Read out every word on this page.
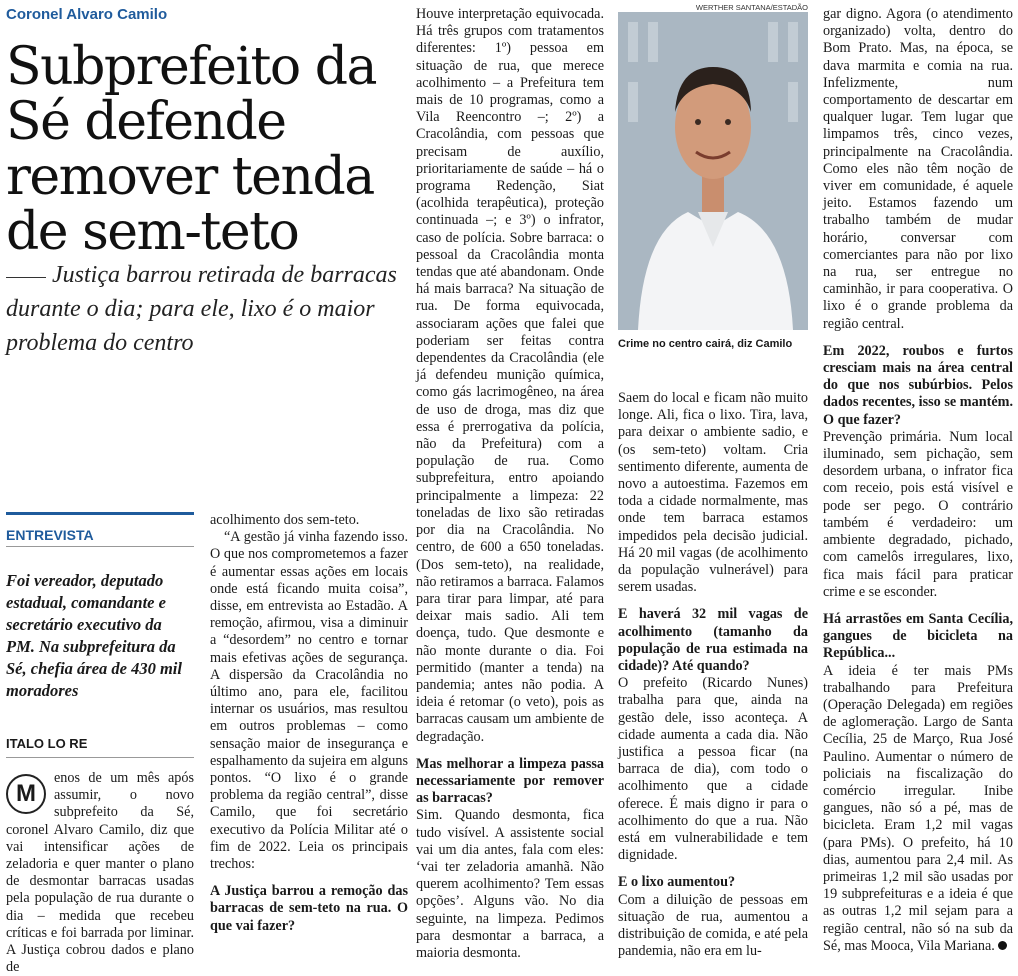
Coronel Alvaro Camilo
Subprefeito da Sé defende remover tenda de sem-teto
Justiça barrou retirada de barracas durante o dia; para ele, lixo é o maior problema do centro
ENTREVISTA
Foi vereador, deputado estadual, comandante e secretário executivo da PM. Na subprefeitura da Sé, chefia área de 430 mil moradores
ITALO LO RE
M

enos de um mês após assumir, o novo subprefeito da Sé, coronel Alvaro Camilo, diz que vai intensificar ações de zeladoria e quer manter o plano de desmontar barracas usadas pela população de rua durante o dia – medida que recebeu críticas e foi barrada por liminar. A Justiça cobrou dados e plano de

acolhimento dos sem-teto.

“A gestão já vinha fazendo isso. O que nos comprometemos a fazer é aumentar essas ações em locais onde está ficando muita coisa”, disse, em entrevista ao Estadão. A remoção, afirmou, visa a diminuir a “desordem” no centro e tornar mais efetivas ações de segurança. A dispersão da Cracolândia no último ano, para ele, facilitou internar os usuários, mas resultou em outros problemas – como sensação maior de insegurança e espalhamento da sujeira em alguns pontos. “O lixo é o grande problema da região central”, disse Camilo, que foi secretário executivo da Polícia Militar até o fim de 2022. Leia os principais trechos:

A Justiça barrou a remoção das barracas de sem-teto na rua. O que vai fazer?

Houve interpretação equivocada. Há três grupos com tratamentos diferentes: 1º) pessoa em situação de rua, que merece acolhimento – a Prefeitura tem mais de 10 programas, como a Vila Reencontro –; 2º) a Cracolândia, com pessoas que precisam de auxílio, prioritariamente de saúde – há o programa Redenção, Siat (acolhida terapêutica), proteção continuada –; e 3º) o infrator, caso de polícia. Sobre barraca: o pessoal da Cracolândia monta tendas que até abandonam. Onde há mais barraca? Na situação de rua. De forma equivocada, associaram ações que falei que poderiam ser feitas contra dependentes da Cracolândia (ele já defendeu munição química, como gás lacrimogêneo, na área de uso de droga, mas diz que essa é prerrogativa da polícia, não da Prefeitura) com a população de rua. Como subprefeitura, entro apoiando principalmente a limpeza: 22 toneladas de lixo são retiradas por dia na Cracolândia. No centro, de 600 a 650 toneladas. (Dos sem-teto), na realidade, não retiramos a barraca. Falamos para tirar para limpar, até para deixar mais sadio. Ali tem doença, tudo. Que desmonte e não monte durante o dia. Foi permitido (manter a tenda) na pandemia; antes não podia. A ideia é retomar (o veto), pois as barracas causam um ambiente de degradação.

Mas melhorar a limpeza passa necessariamente por remover as barracas?

Sim. Quando desmonta, fica tudo visível. A assistente social vai um dia antes, fala com eles: ‘vai ter zeladoria amanhã. Não querem acolhimento? Tem essas opções’. Alguns vão. No dia seguinte, na limpeza. Pedimos para desmontar a barraca, a maioria desmonta.

WERTHER SANTANA/ESTADÃO
Crime no centro cairá, diz Camilo

Saem do local e ficam não muito longe. Ali, fica o lixo. Tira, lava, para deixar o ambiente sadio, e (os sem-teto) voltam. Cria sentimento diferente, aumenta de novo a autoestima. Fazemos em toda a cidade normalmente, mas onde tem barraca estamos impedidos pela decisão judicial. Há 20 mil vagas (de acolhimento da população vulnerável) para serem usadas.

E haverá 32 mil vagas de acolhimento (tamanho da população de rua estimada na cidade)? Até quando?

O prefeito (Ricardo Nunes) trabalha para que, ainda na gestão dele, isso aconteça. A cidade aumenta a cada dia. Não justifica a pessoa ficar (na barraca de dia), com todo o acolhimento que a cidade oferece. É mais digno ir para o acolhimento do que a rua. Não está em vulnerabilidade e tem dignidade.

E o lixo aumentou?

Com a diluição de pessoas em situação de rua, aumentou a distribuição de comida, e até pela pandemia, não era em lu-

gar digno. Agora (o atendimento organizado) volta, dentro do Bom Prato. Mas, na época, se dava marmita e comia na rua. Infelizmente, num comportamento de descartar em qualquer lugar. Tem lugar que limpamos três, cinco vezes, principalmente na Cracolândia. Como eles não têm noção de viver em comunidade, é aquele jeito. Estamos fazendo um trabalho também de mudar horário, conversar com comerciantes para não por lixo na rua, ser entregue no caminhão, ir para cooperativa. O lixo é o grande problema da região central.

Em 2022, roubos e furtos cresciam mais na área central do que nos subúrbios. Pelos dados recentes, isso se mantém. O que fazer?

Prevenção primária. Num local iluminado, sem pichação, sem desordem urbana, o infrator fica com receio, pois está visível e pode ser pego. O contrário também é verdadeiro: um ambiente degradado, pichado, com camelôs irregulares, lixo, fica mais fácil para praticar crime e se esconder.

Há arrastões em Santa Cecília, gangues de bicicleta na República...

A ideia é ter mais PMs trabalhando para Prefeitura (Operação Delegada) em regiões de aglomeração. Largo de Santa Cecília, 25 de Março, Rua José Paulino. Aumentar o número de policiais na fiscalização do comércio irregular. Inibe gangues, não só a pé, mas de bicicleta. Eram 1,2 mil vagas (para PMs). O prefeito, há 10 dias, aumentou para 2,4 mil. As primeiras 1,2 mil são usadas por 19 subprefeituras e a ideia é que as outras 1,2 mil sejam para a região central, não só na sub da Sé, mas Mooca, Vila Mariana.
